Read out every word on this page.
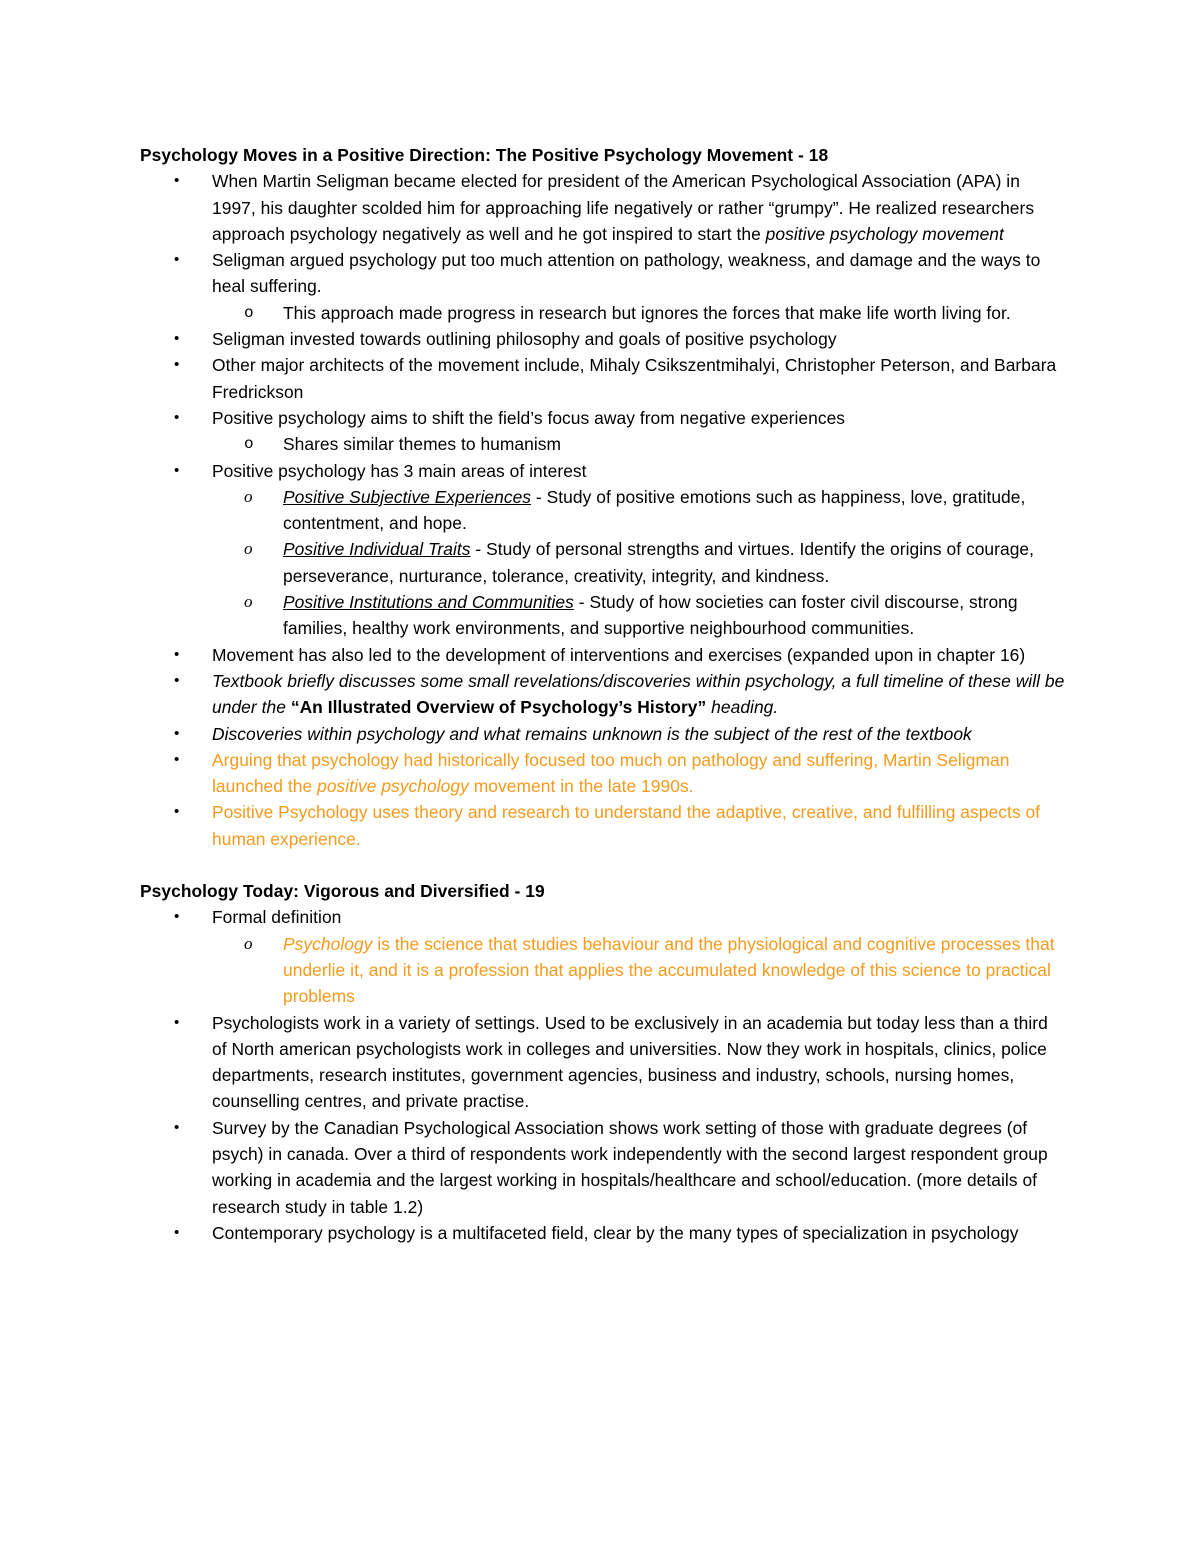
Psychology Moves in a Positive Direction: The Positive Psychology Movement - 18

• When Martin Seligman became elected for president of the American Psychological Association (APA) in 1997, his daughter scolded him for approaching life negatively or rather “grumpy”. He realized researchers approach psychology negatively as well and he got inspired to start the positive psychology movement
• Seligman argued psychology put too much attention on pathology, weakness, and damage and the ways to heal suffering.
o This approach made progress in research but ignores the forces that make life worth living for.
• Seligman invested towards outlining philosophy and goals of positive psychology
• Other major architects of the movement include, Mihaly Csikszentmihalyi, Christopher Peterson, and Barbara Fredrickson
• Positive psychology aims to shift the field’s focus away from negative experiences
o Shares similar themes to humanism
• Positive psychology has 3 main areas of interest
o Positive Subjective Experiences - Study of positive emotions such as happiness, love, gratitude, contentment, and hope.
o Positive Individual Traits - Study of personal strengths and virtues. Identify the origins of courage, perseverance, nurturance, tolerance, creativity, integrity, and kindness.
o Positive Institutions and Communities - Study of how societies can foster civil discourse, strong families, healthy work environments, and supportive neighbourhood communities.
• Movement has also led to the development of interventions and exercises (expanded upon in chapter 16)
• Textbook briefly discusses some small revelations/discoveries within psychology, a full timeline of these will be under the “An Illustrated Overview of Psychology’s History” heading.
• Discoveries within psychology and what remains unknown is the subject of the rest of the textbook
• Arguing that psychology had historically focused too much on pathology and suffering, Martin Seligman launched the positive psychology movement in the late 1990s.
• Positive Psychology uses theory and research to understand the adaptive, creative, and fulfilling aspects of human experience.

Psychology Today: Vigorous and Diversified - 19

• Formal definition
o Psychology is the science that studies behaviour and the physiological and cognitive processes that underlie it, and it is a profession that applies the accumulated knowledge of this science to practical problems
• Psychologists work in a variety of settings. Used to be exclusively in an academia but today less than a third of North american psychologists work in colleges and universities. Now they work in hospitals, clinics, police departments, research institutes, government agencies, business and industry, schools, nursing homes, counselling centres, and private practise.
• Survey by the Canadian Psychological Association shows work setting of those with graduate degrees (of psych) in canada. Over a third of respondents work independently with the second largest respondent group working in academia and the largest working in hospitals/healthcare and school/education. (more details of research study in table 1.2)
• Contemporary psychology is a multifaceted field, clear by the many types of specialization in psychology
